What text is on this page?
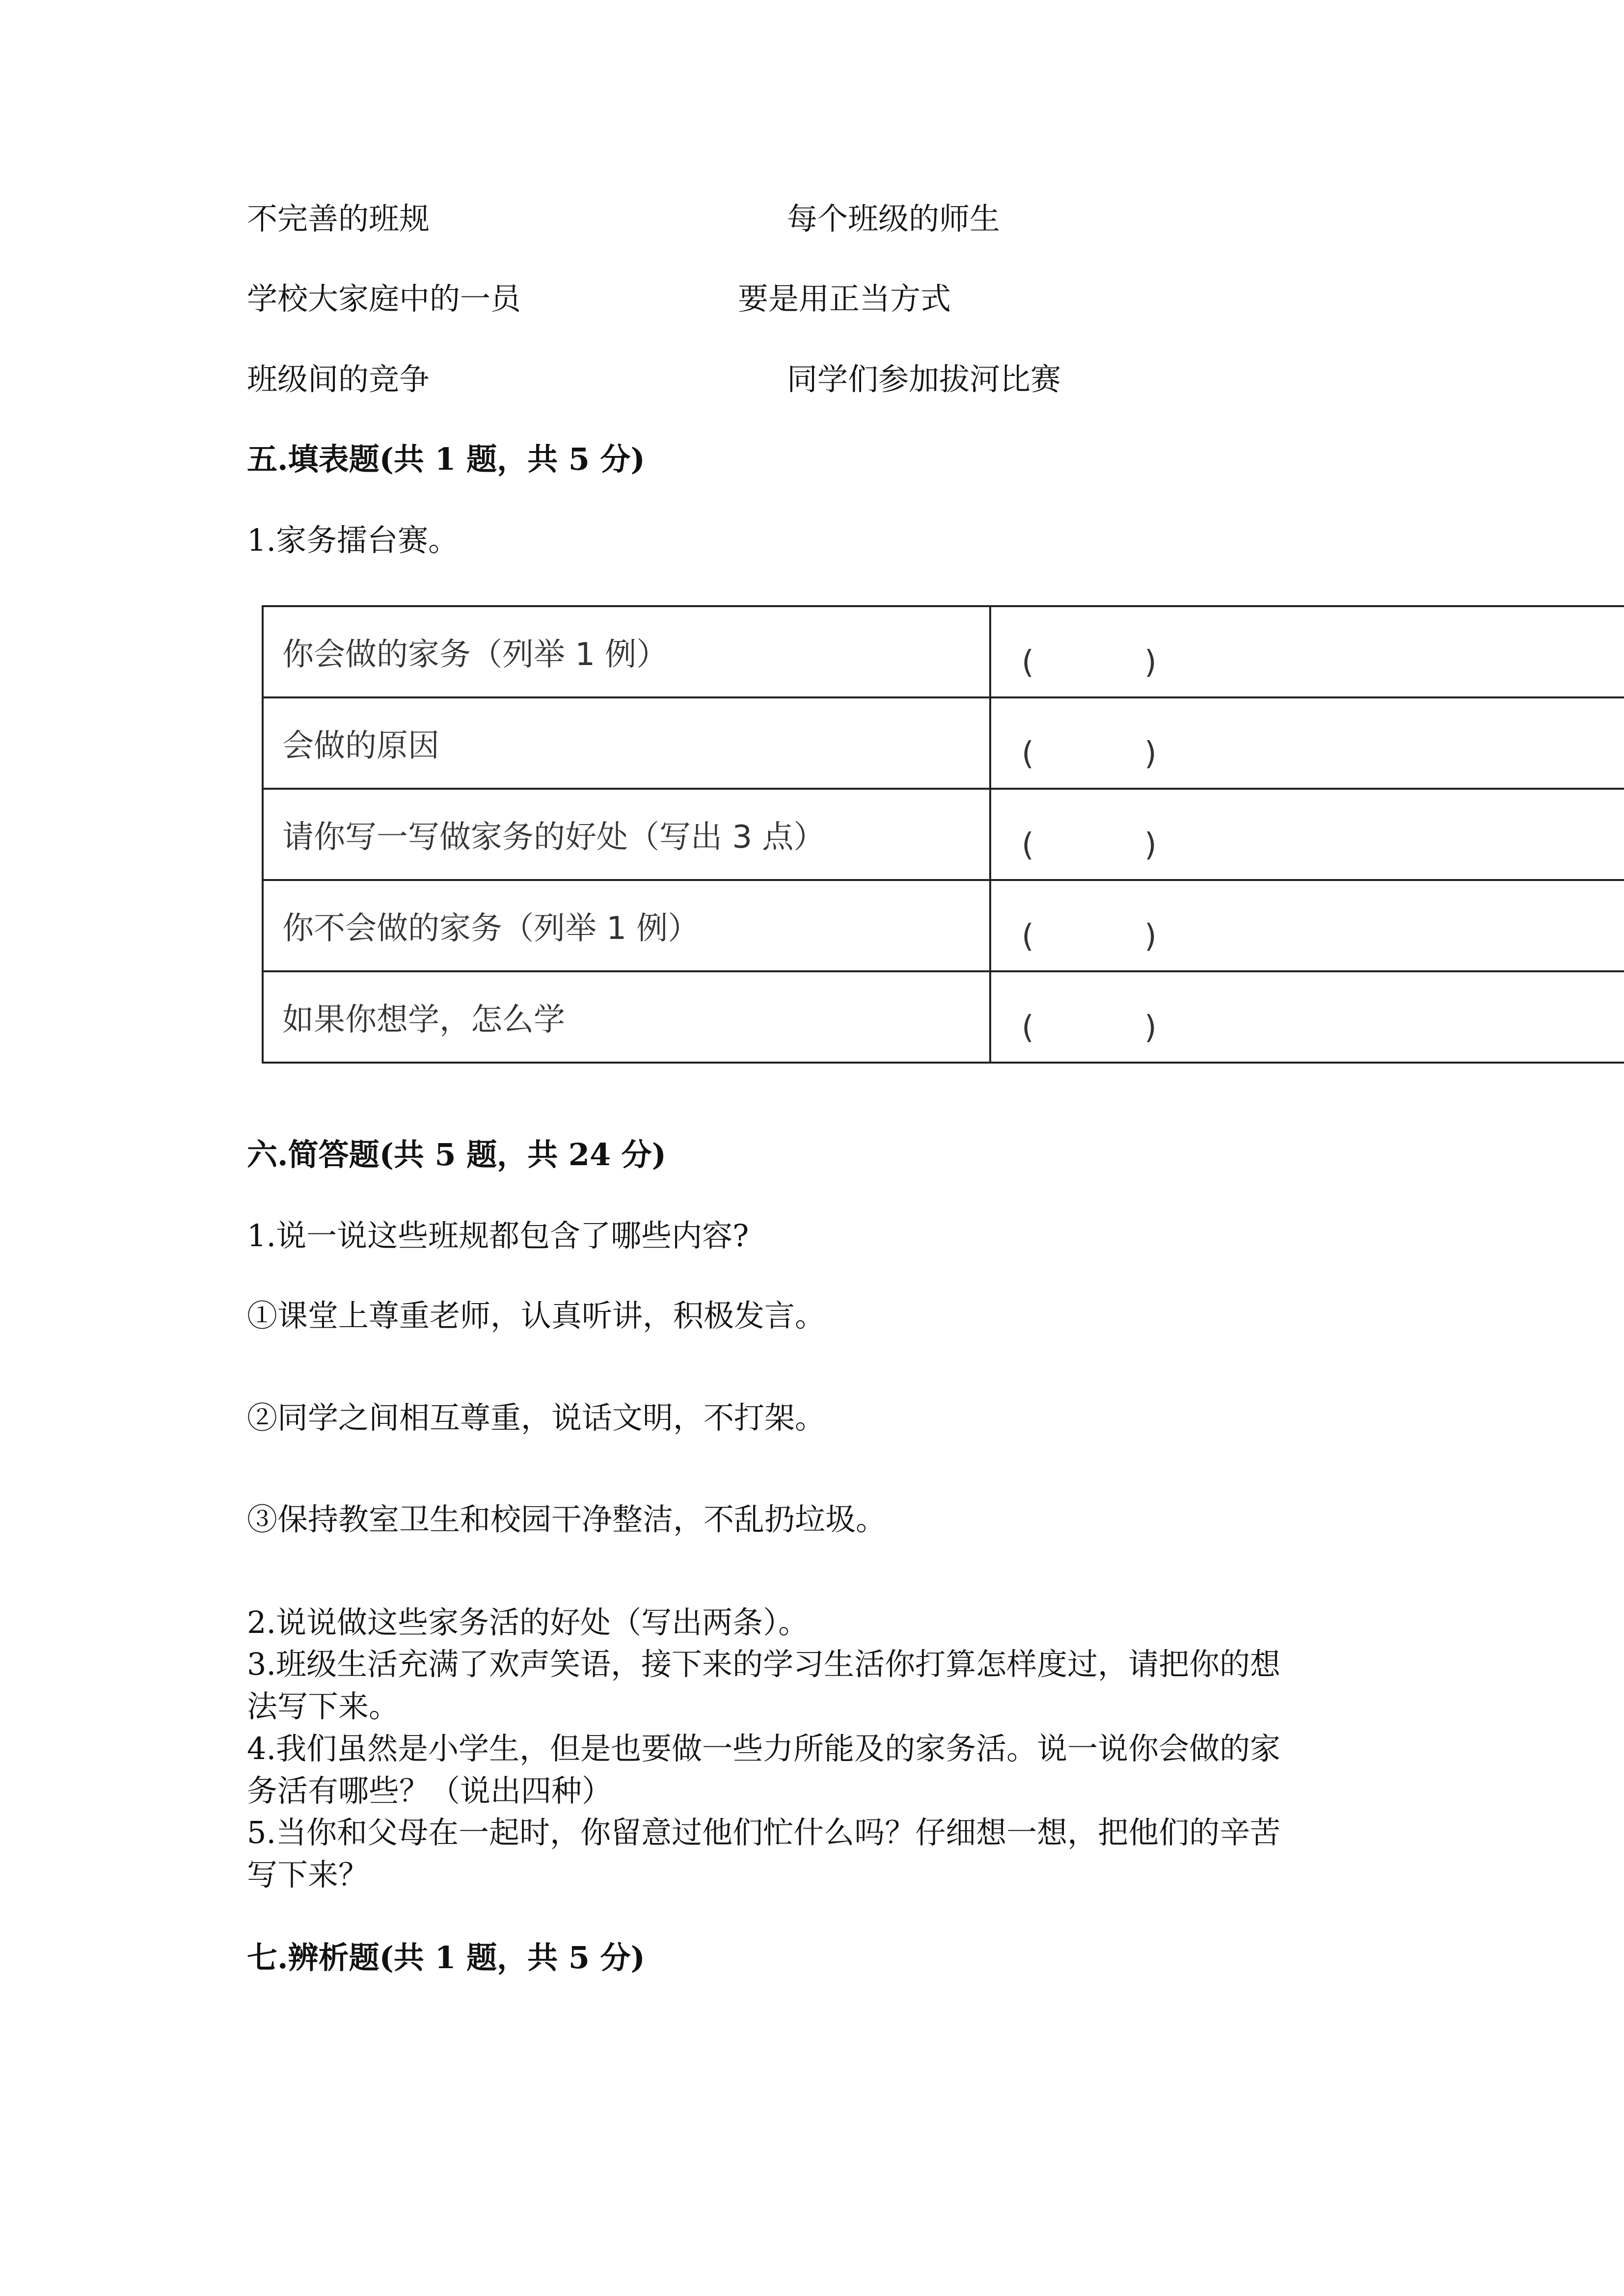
不完善的班规	每个班级的师生
学校大家庭中的一员	要是用正当方式
班级间的竞争	同学们参加拔河比赛
五.填表题(共 1 题，共 5 分)
1.家务擂台赛。
你会做的家务（列举 1 例）	( )

会做的原因	( )

请你写一写做家务的好处（写出 3 点）	( )

你不会做的家务（列举 1 例）	( )

如果你想学，怎么学	( )
六.简答题(共 5 题，共 24 分)
1.说一说这些班规都包含了哪些内容?
①课堂上尊重老师，认真听讲，积极发言。
②同学之间相互尊重，说话文明，不打架。
③保持教室卫生和校园干净整洁，不乱扔垃圾。
2.说说做这些家务活的好处（写出两条）。
3.班级生活充满了欢声笑语，接下来的学习生活你打算怎样度过，请把你的想
法写下来。
4.我们虽然是小学生，但是也要做一些力所能及的家务活。说一说你会做的家
务活有哪些？（说出四种）
5.当你和父母在一起时，你留意过他们忙什么吗？仔细想一想，把他们的辛苦
写下来？
七.辨析题(共 1 题，共 5 分)
